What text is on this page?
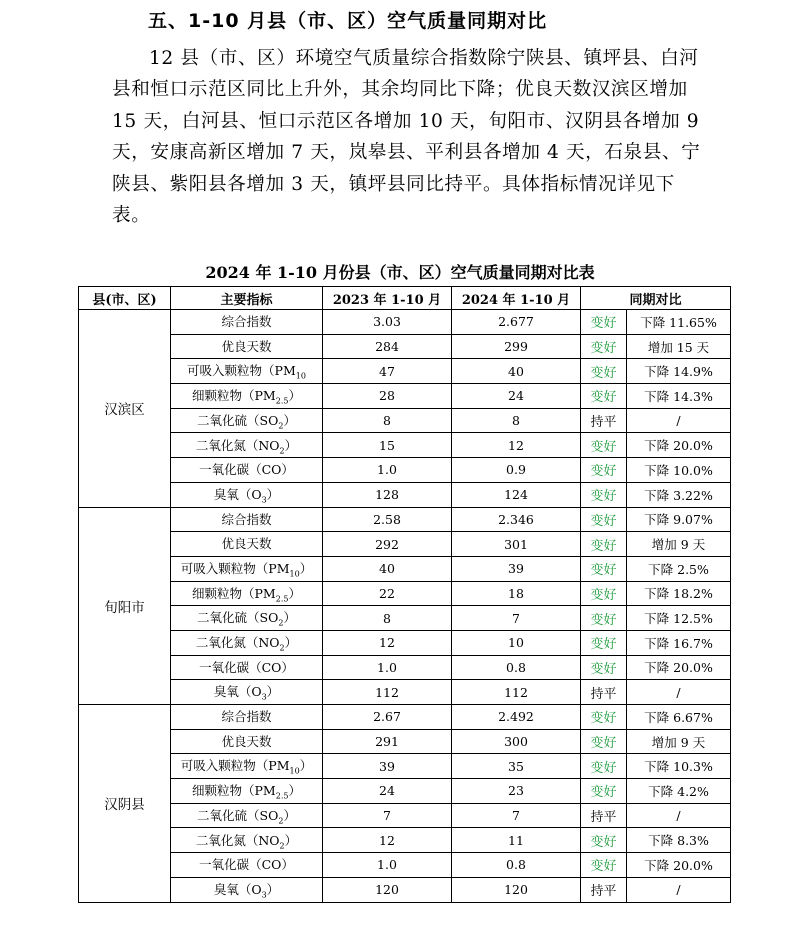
五、1-10 月县（市、区）空气质量同期对比

12 县（市、区）环境空气质量综合指数除宁陕县、镇坪县、白河县和恒口示范区同比上升外，其余均同比下降；优良天数汉滨区增加 15 天，白河县、恒口示范区各增加 10 天，旬阳市、汉阴县各增加 9 天，安康高新区增加 7 天，岚皋县、平利县各增加 4 天，石泉县、宁陕县、紫阳县各增加 3 天，镇坪县同比持平。具体指标情况详见下表。

2024 年 1-10 月份县（市、区）空气质量同期对比表

县(市、区)	主要指标	2023 年 1-10 月	2024 年 1-10 月	同期对比	
汉滨区	综合指数	3.03	2.677	变好	下降 11.65%
	优良天数	284	299	变好	增加 15 天
	可吸入颗粒物（$PM_{10}$	47	40	变好	下降 14.9%
	细颗粒物$(PM_{2.5})$	28	24	变好	下降 14.3%
	二氧化硫$(SO_2)$	8	8	持平	/
	二氧化氮$(NO_2)$	15	12	变好	下降 20.0%
	一氧化碳（CO）	1.0	0.9	变好	下降 10.0%
	臭氧$(O_3)$	128	124	变好	下降 3.22%
旬阳市	综合指数	2.58	2.346	变好	下降 9.07%
	优良天数	292	301	变好	增加 9 天
	可吸入颗粒物$(PM_{10})$	40	39	变好	下降 2.5%
	细颗粒物$(PM_{2.5})$	22	18	变好	下降 18.2%
	二氧化硫$(SO_2)$	8	7	变好	下降 12.5%
	二氧化氮$(NO_2)$	12	10	变好	下降 16.7%
	一氧化碳（CO）	1.0	0.8	变好	下降 20.0%
	臭氧$(O_3)$	112	112	持平	/
汉阴县	综合指数	2.67	2.492	变好	下降 6.67%
	优良天数	291	300	变好	增加 9 天
	可吸入颗粒物$(PM_{10})$	39	35	变好	下降 10.3%
	细颗粒物$(PM_{2.5})$	24	23	变好	下降 4.2%
	二氧化硫$(SO_2)$	7	7	持平	/
	二氧化氮$(NO_2)$	12	11	变好	下降 8.3%
	一氧化碳（CO）	1.0	0.8	变好	下降 20.0%
	臭氧$(O_3)$	120	120	持平	/
